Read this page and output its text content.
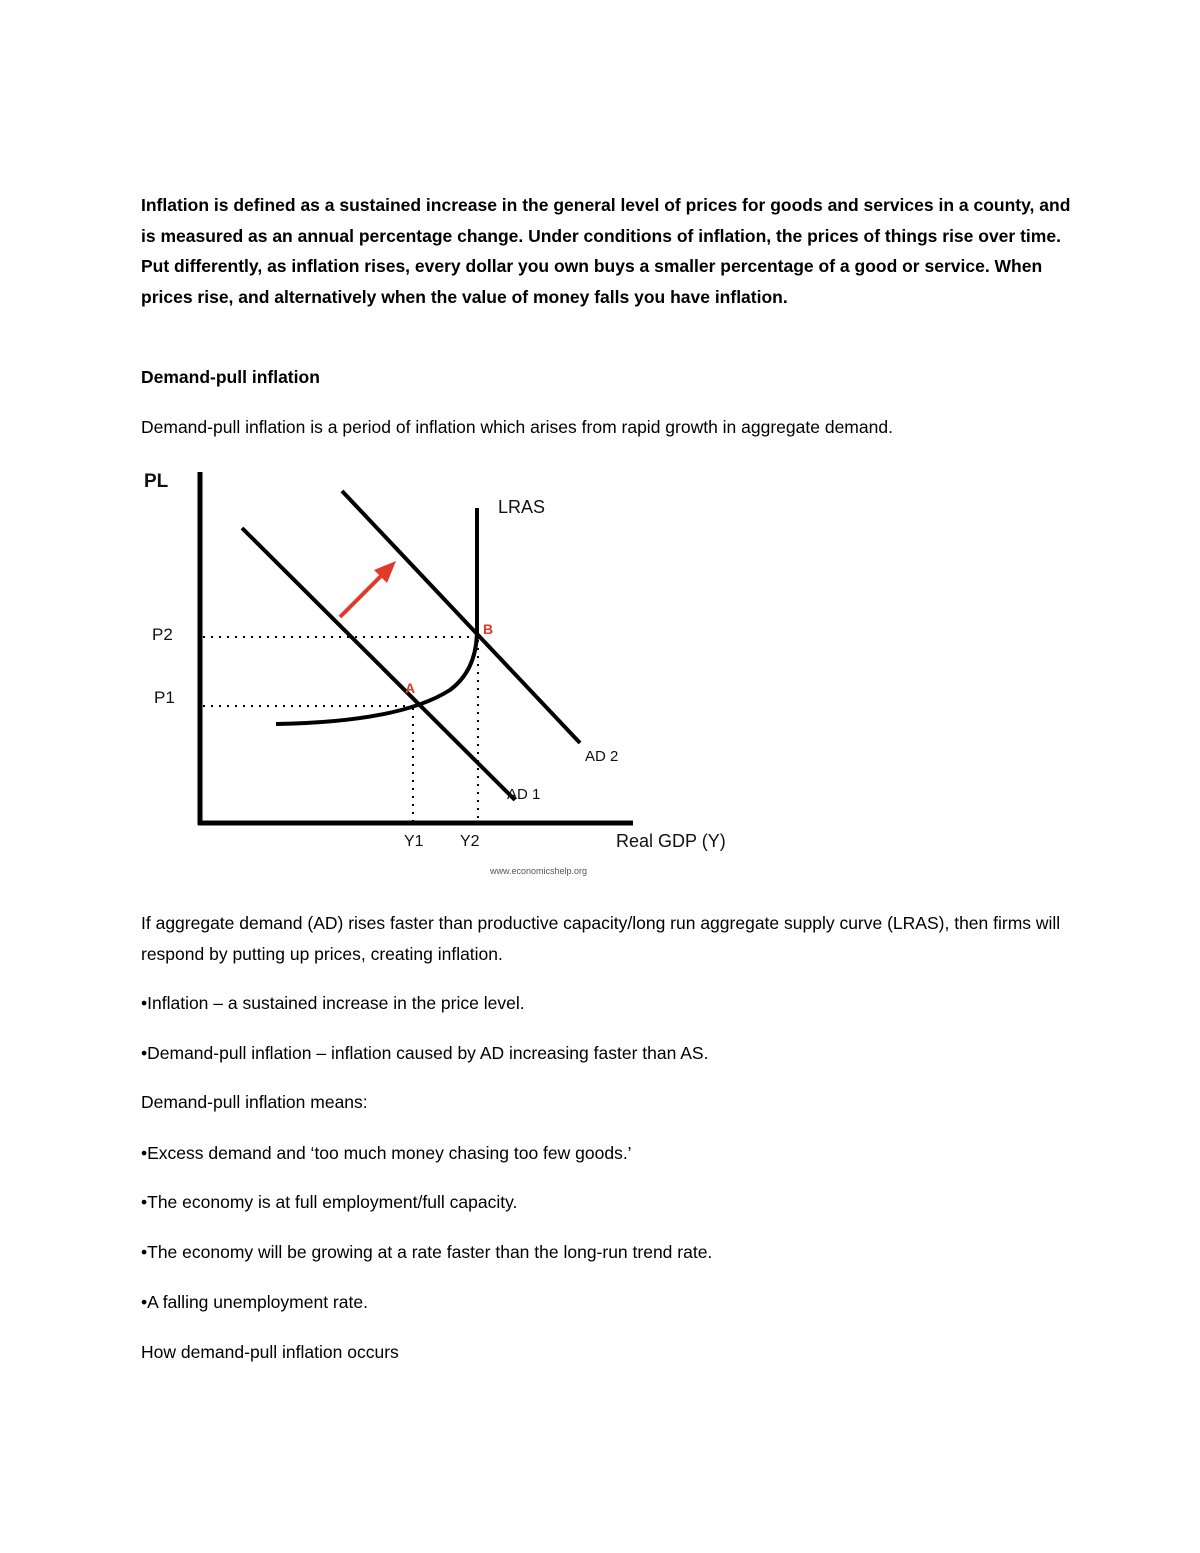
Inflation is defined as a sustained increase in the general level of prices for goods and services in a county, and is measured as an annual percentage change. Under conditions of inflation, the prices of things rise over time. Put differently, as inflation rises, every dollar you own buys a smaller percentage of a good or service. When prices rise, and alternatively when the value of money falls you have inflation.

Demand-pull inflation

Demand-pull inflation is a period of inflation which arises from rapid growth in aggregate demand.

PL
LRAS
P2
P1	A
B
AD 2
AD 1
Y1 Y2	Real GDP (Y)
www.economicshelp.org

If aggregate demand (AD) rises faster than productive capacity/long run aggregate supply curve (LRAS), then firms will respond by putting up prices, creating inflation.

•Inflation – a sustained increase in the price level.

•Demand-pull inflation – inflation caused by AD increasing faster than AS.

Demand-pull inflation means:

•Excess demand and ‘too much money chasing too few goods.’

•The economy is at full employment/full capacity.

•The economy will be growing at a rate faster than the long-run trend rate.

•A falling unemployment rate.

How demand-pull inflation occurs
